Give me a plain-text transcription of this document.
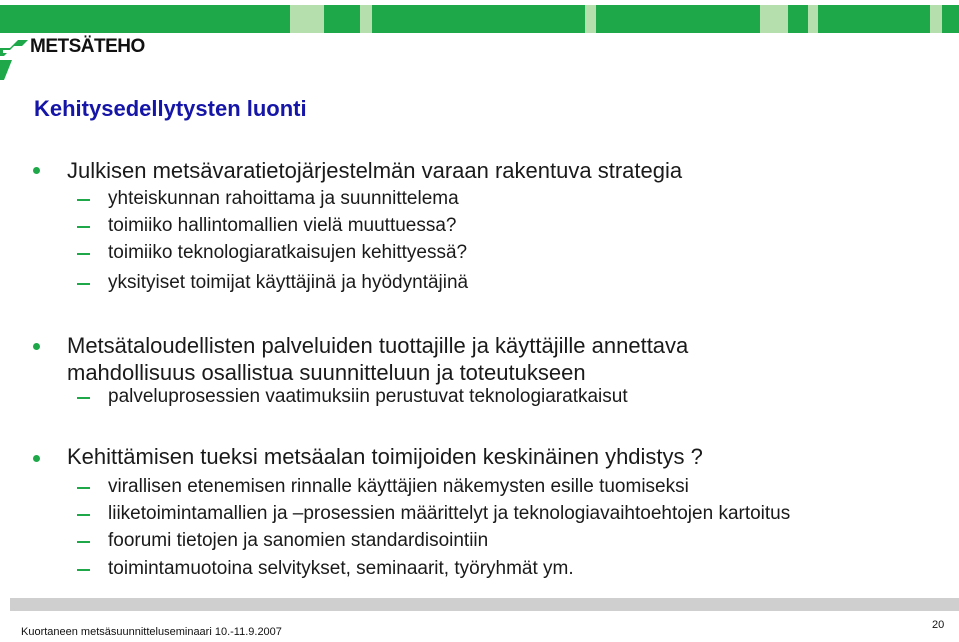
METSÄTEHO
Kehitysedellytysten luonti
Julkisen metsävaratietojärjestelmän varaan rakentuva strategia
yhteiskunnan rahoittama ja suunnittelema
toimiiko hallintomallien vielä muuttuessa?
toimiiko teknologiaratkaisujen kehittyessä?
yksityiset toimijat käyttäjinä ja hyödyntäjinä
Metsätaloudellisten palveluiden tuottajille ja käyttäjille annettava
mahdollisuus osallistua suunnitteluun ja toteutukseen
palveluprosessien vaatimuksiin perustuvat teknologiaratkaisut
Kehittämisen tueksi metsäalan toimijoiden keskinäinen yhdistys ?
virallisen etenemisen rinnalle käyttäjien näkemysten esille tuomiseksi
liiketoimintamallien ja –prosessien määrittelyt ja teknologiavaihtoehtojen kartoitus
foorumi tietojen ja sanomien standardisointiin
toimintamuotoina selvitykset, seminaarit, työryhmät ym.
Kuortaneen metsäsuunnitteluseminaari 10.-11.9.2007
20
